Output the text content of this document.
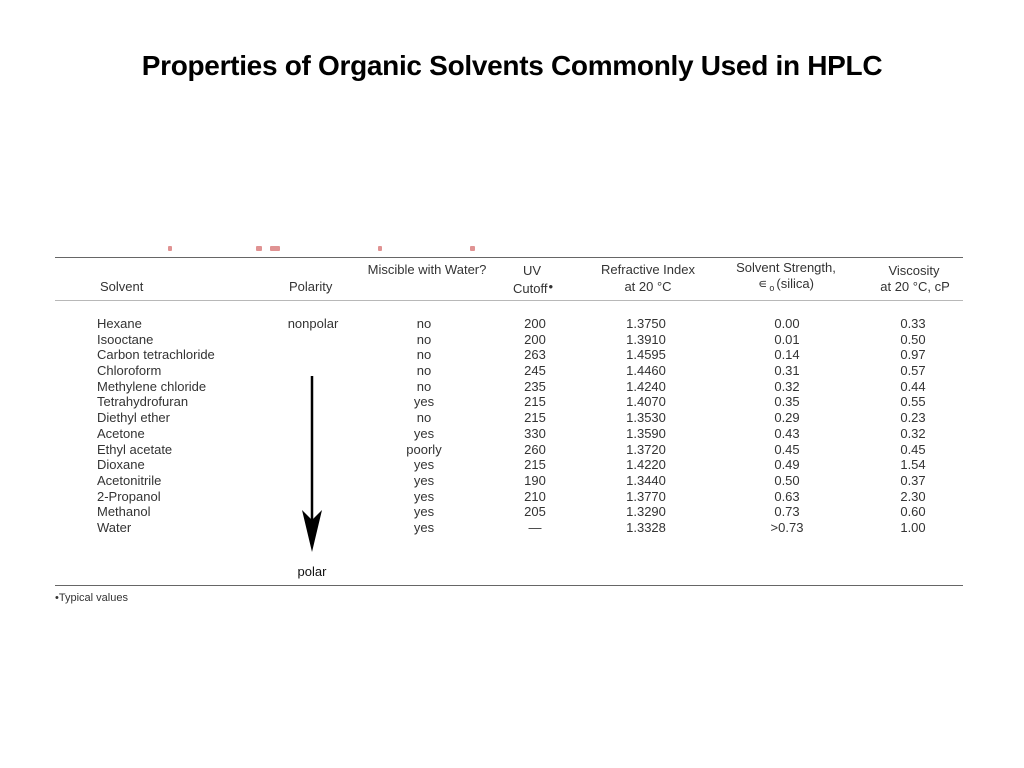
Properties of Organic Solvents Commonly Used in HPLC
Solvent	Polarity
Miscible with Water?	UV
Cutoff•
Refractive Index
at 20 °C
Solvent Strength,
∊ $_o$ (silica)
Viscosity
at 20 °C, cP
nonpolar
polar
Hexane
Isooctane
Carbon tetrachloride
Chloroform
Methylene chloride
Tetrahydrofuran
Diethyl ether
Acetone
Ethyl acetate
Dioxane
Acetonitrile
2-Propanol
Methanol
Water
no
no
no
no
no
yes
no
yes
poorly
yes
yes
yes
yes
yes
200
200
263
245
235
215
215
330
260
215
190
210
205
—
1.3750
1.3910
1.4595
1.4460
1.4240
1.4070
1.3530
1.3590
1.3720
1.4220
1.3440
1.3770
1.3290
1.3328
0.00
0.01
0.14
0.31
0.32
0.35
0.29
0.43
0.45
0.49
0.50
0.63
0.73
>0.73
0.33
0.50
0.97
0.57
0.44
0.55
0.23
0.32
0.45
1.54
0.37
2.30
0.60
1.00
•Typical values
